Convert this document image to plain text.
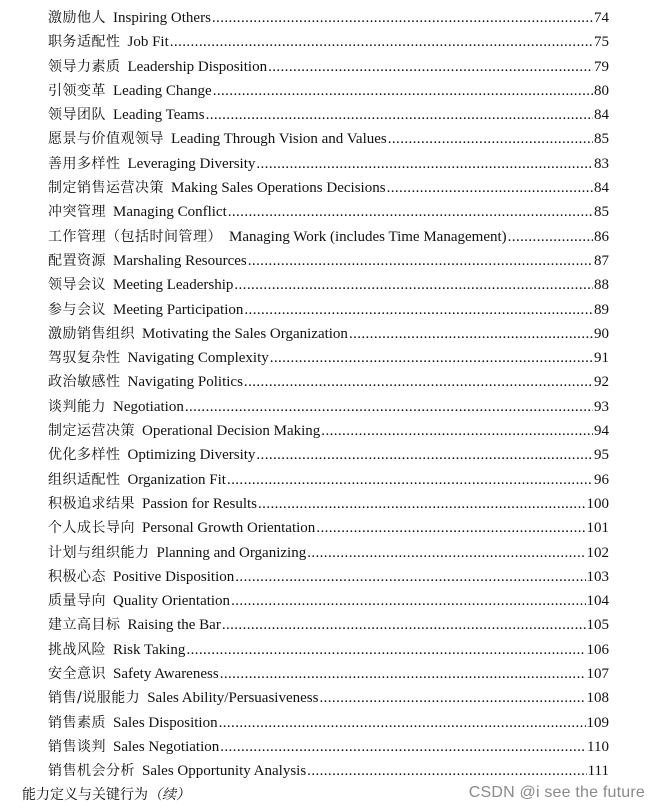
激励他人 Inspiring Others .....	74
职务适配性 Job Fit .....	75
领导力素质 Leadership Disposition .....	79
引领变革 Leading Change .....	80
领导团队 Leading Teams .....	84
愿景与价值观领导 Leading Through Vision and Values .....	85
善用多样性 Leveraging Diversity .....	83
制定销售运营决策 Making Sales Operations Decisions .....	84
冲突管理 Managing Conflict .....	85
工作管理（包括时间管理） Managing Work (includes Time Management) .....	86
配置资源 Marshaling Resources .....	87
领导会议 Meeting Leadership .....	88
参与会议 Meeting Participation .....	89
激励销售组织 Motivating the Sales Organization .....	90
驾驭复杂性 Navigating Complexity .....	91
政治敏感性 Navigating Politics .....	92
谈判能力 Negotiation .....	93
制定运营决策 Operational Decision Making .....	94
优化多样性 Optimizing Diversity .....	95
组织适配性 Organization Fit .....	96
积极追求结果 Passion for Results .....	100
个人成长导向 Personal Growth Orientation .....	101
计划与组织能力 Planning and Organizing .....	102
积极心态 Positive Disposition .....	103
质量导向 Quality Orientation .....	104
建立高目标 Raising the Bar .....	105
挑战风险 Risk Taking .....	106
安全意识 Safety Awareness .....	107
销售/说服能力 Sales Ability/Persuasiveness .....	108
销售素质 Sales Disposition .....	109
销售谈判 Sales Negotiation .....	110
销售机会分析 Sales Opportunity Analysis .....	111
能力定义与关键行为（续）	CSDN @i see the future
